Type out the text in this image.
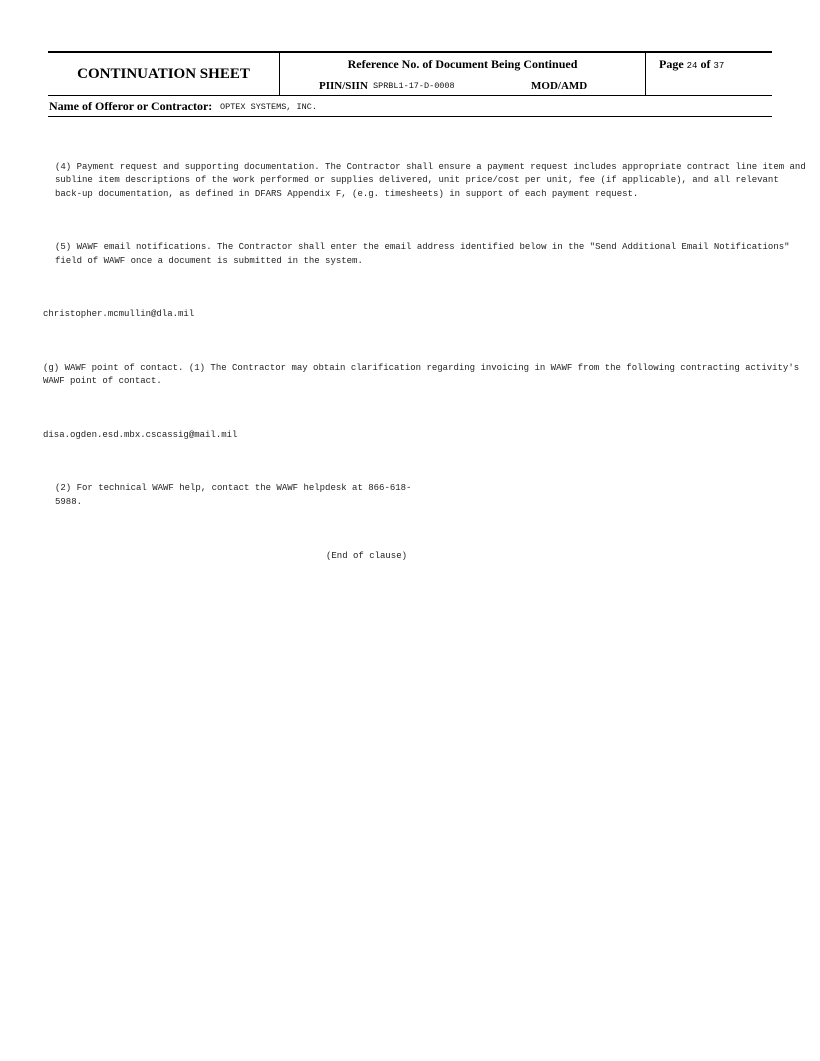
CONTINUATION SHEET
Reference No. of Document Being Continued
PIIN/SIIN SPRBL1-17-D-0008	MOD/AMD
Page 24 of 37
Name of Offeror or Contractor: OPTEX SYSTEMS, INC.

(4) Payment request and supporting documentation. The Contractor shall ensure a payment request includes appropriate contract line item and subline item descriptions of the work performed or supplies delivered, unit price/cost per unit, fee (if applicable), and all relevant back-up documentation, as defined in DFARS Appendix F, (e.g. timesheets) in support of each payment request.

(5) WAWF email notifications. The Contractor shall enter the email address identified below in the "Send Additional Email Notifications" field of WAWF once a document is submitted in the system.

christopher.mcmullin@dla.mil

(g) WAWF point of contact. (1) The Contractor may obtain clarification regarding invoicing in WAWF from the following contracting activity's WAWF point of contact.

disa.ogden.esd.mbx.cscassig@mail.mil

(2) For technical WAWF help, contact the WAWF helpdesk at 866-618-5988.

(End of clause)
